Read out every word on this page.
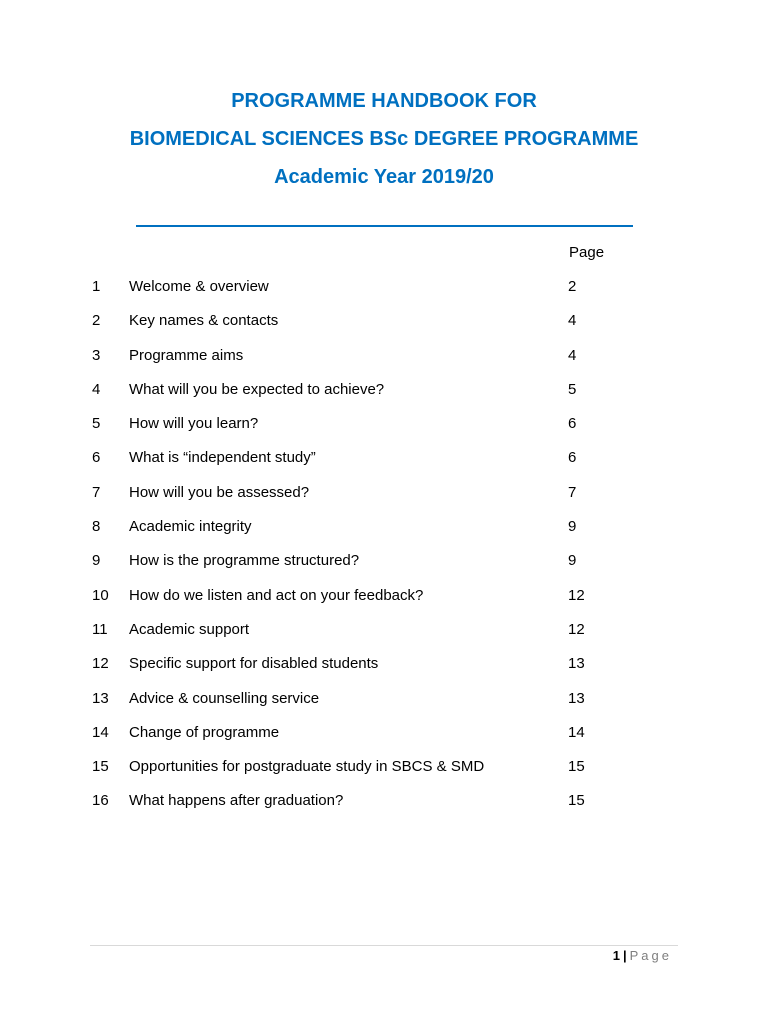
PROGRAMME HANDBOOK FOR
BIOMEDICAL SCIENCES BSc DEGREE PROGRAMME
Academic Year 2019/20
Page
1 Welcome & overview	2
2 Key names & contacts	4
3 Programme aims	4
4 What will you be expected to achieve?	5
5 How will you learn?	6
6 What is “independent study”	6
7 How will you be assessed?	7
8 Academic integrity	9
9 How is the programme structured?	9
10 How do we listen and act on your feedback?	12
11 Academic support	12
12 Specific support for disabled students	13
13 Advice & counselling service	13
14 Change of programme	14
15 Opportunities for postgraduate study in SBCS & SMD	15
16 What happens after graduation?	15
1 | Page
